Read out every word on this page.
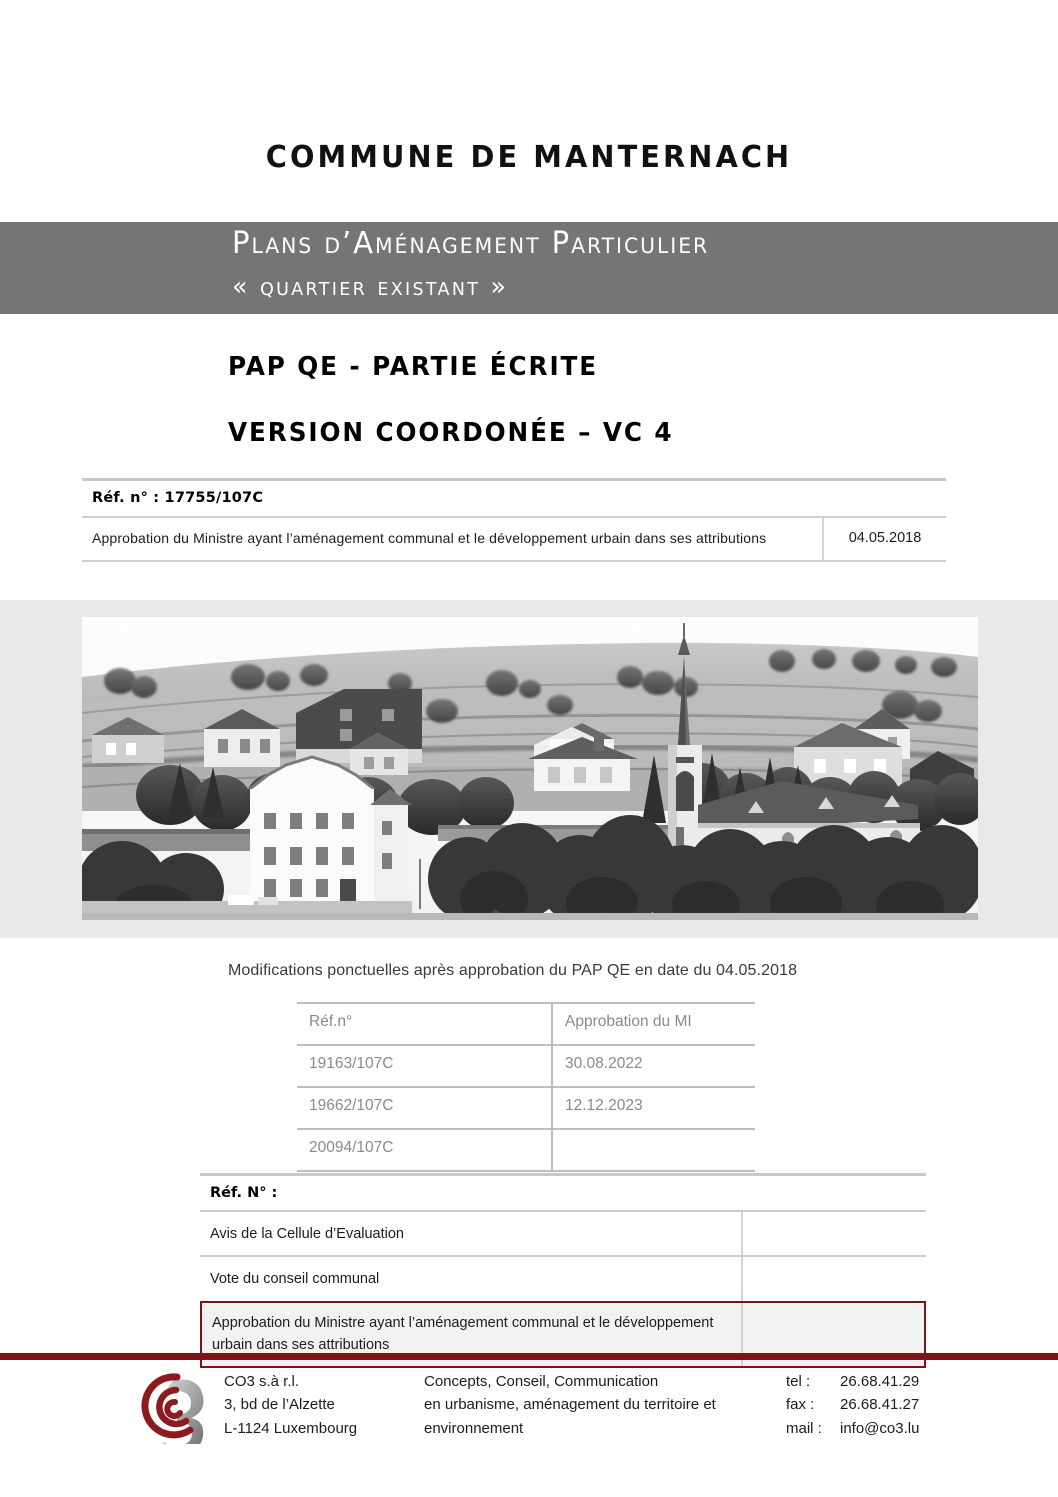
COMMUNE DE MANTERNACH
Plans d’Aménagement Particulier
« quartier existant »
PAP QE - PARTIE ÉCRITE
VERSION COORDONÉE – VC 4
Réf. n° : 17755/107C
Approbation du Ministre ayant l’aménagement communal et le développement urbain dans ses attributions	04.05.2018
Modifications ponctuelles après approbation du PAP QE en date du 04.05.2018
Réf.n°	Approbation du MI
19163/107C	30.08.2022
19662/107C	12.12.2023
20094/107C
Réf. N° :
Avis de la Cellule d’Evaluation
Vote du conseil communal
Approbation du Ministre ayant l’aménagement communal et le développement urbain dans ses attributions
CO3 s.à r.l.
3, bd de l’Alzette
L-1124 Luxembourg
Concepts, Conseil, Communication
en urbanisme, aménagement du territoire et
environnement
tel :	26.68.41.29
fax :	26.68.41.27
mail :	info@co3.lu
